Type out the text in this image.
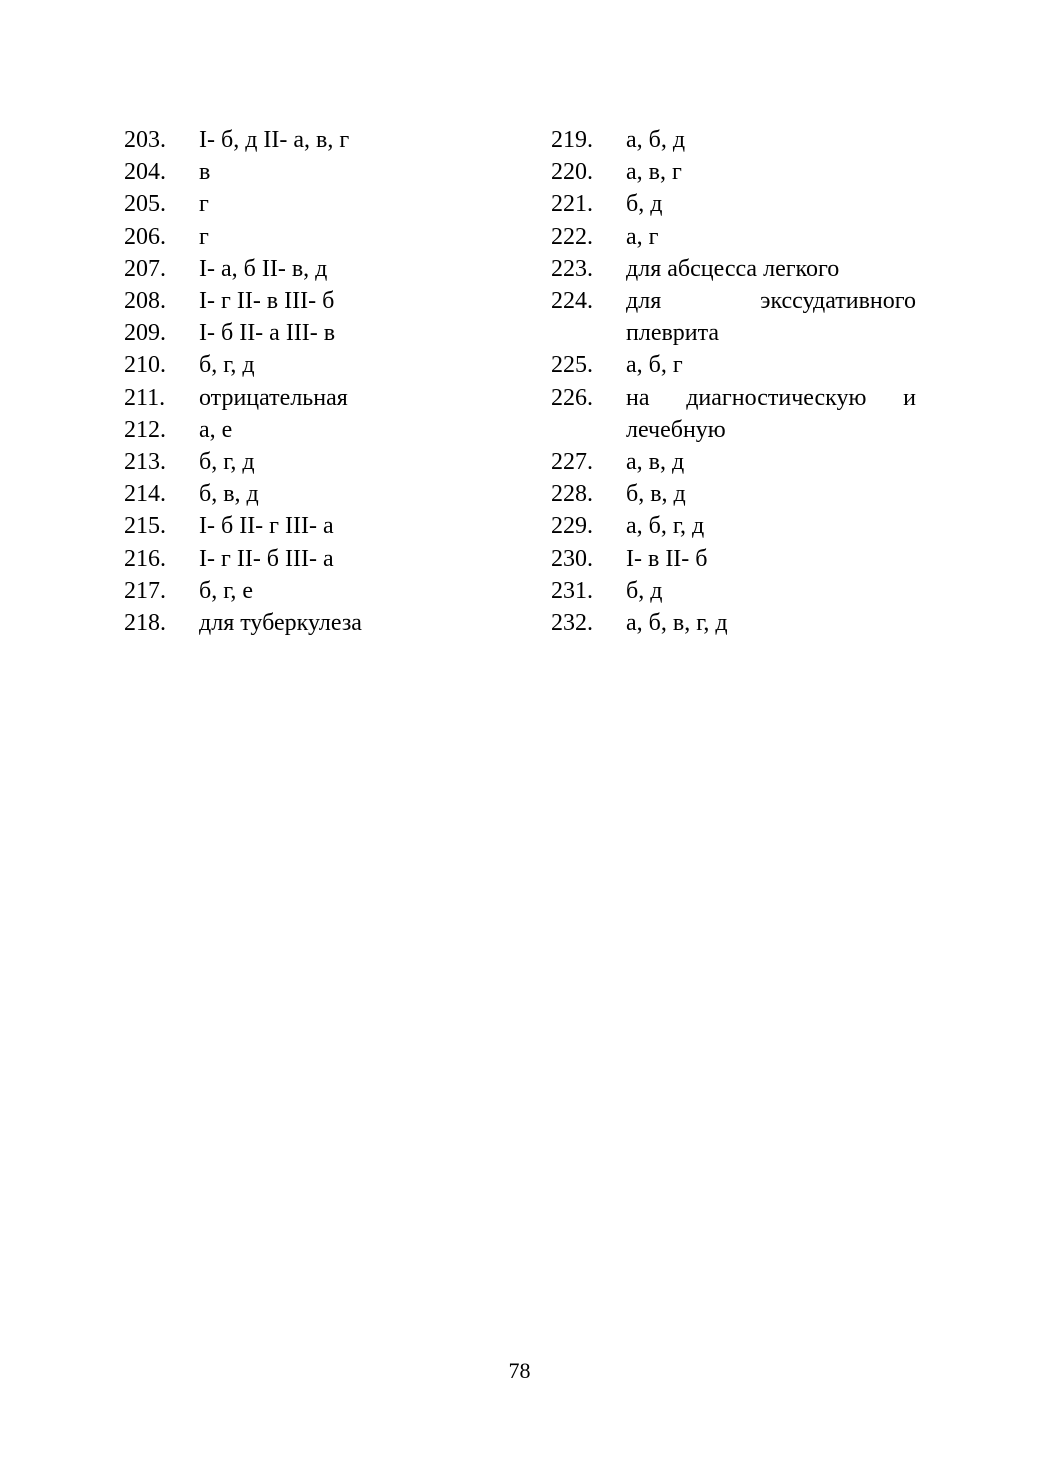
203.	I- б, д II- а, в, г
204.	в
205.	г
206.	г
207.	I- а, б II- в, д
208.	I- г II- в III- б
209.	I- б II- а III- в
210.	б, г, д
211.	отрицательная
212.	а, е
213.	б, г, д
214.	б, в, д
215.	I- б II- г III- а
216.	I- г II- б III- а
217.	б, г, е
218.	для туберкулеза
219.	а, б, д
220.	а, в, г
221.	б, д
222.	а, г
223.	для абсцесса легкого
224.	для экссудативного плеврита
225.	а, б, г
226.	на диагностическую и лечебную
227.	а, в, д
228.	б, в, д
229.	а, б, г, д
230.	I- в II- б
231.	б, д
232.	а, б, в, г, д
78
